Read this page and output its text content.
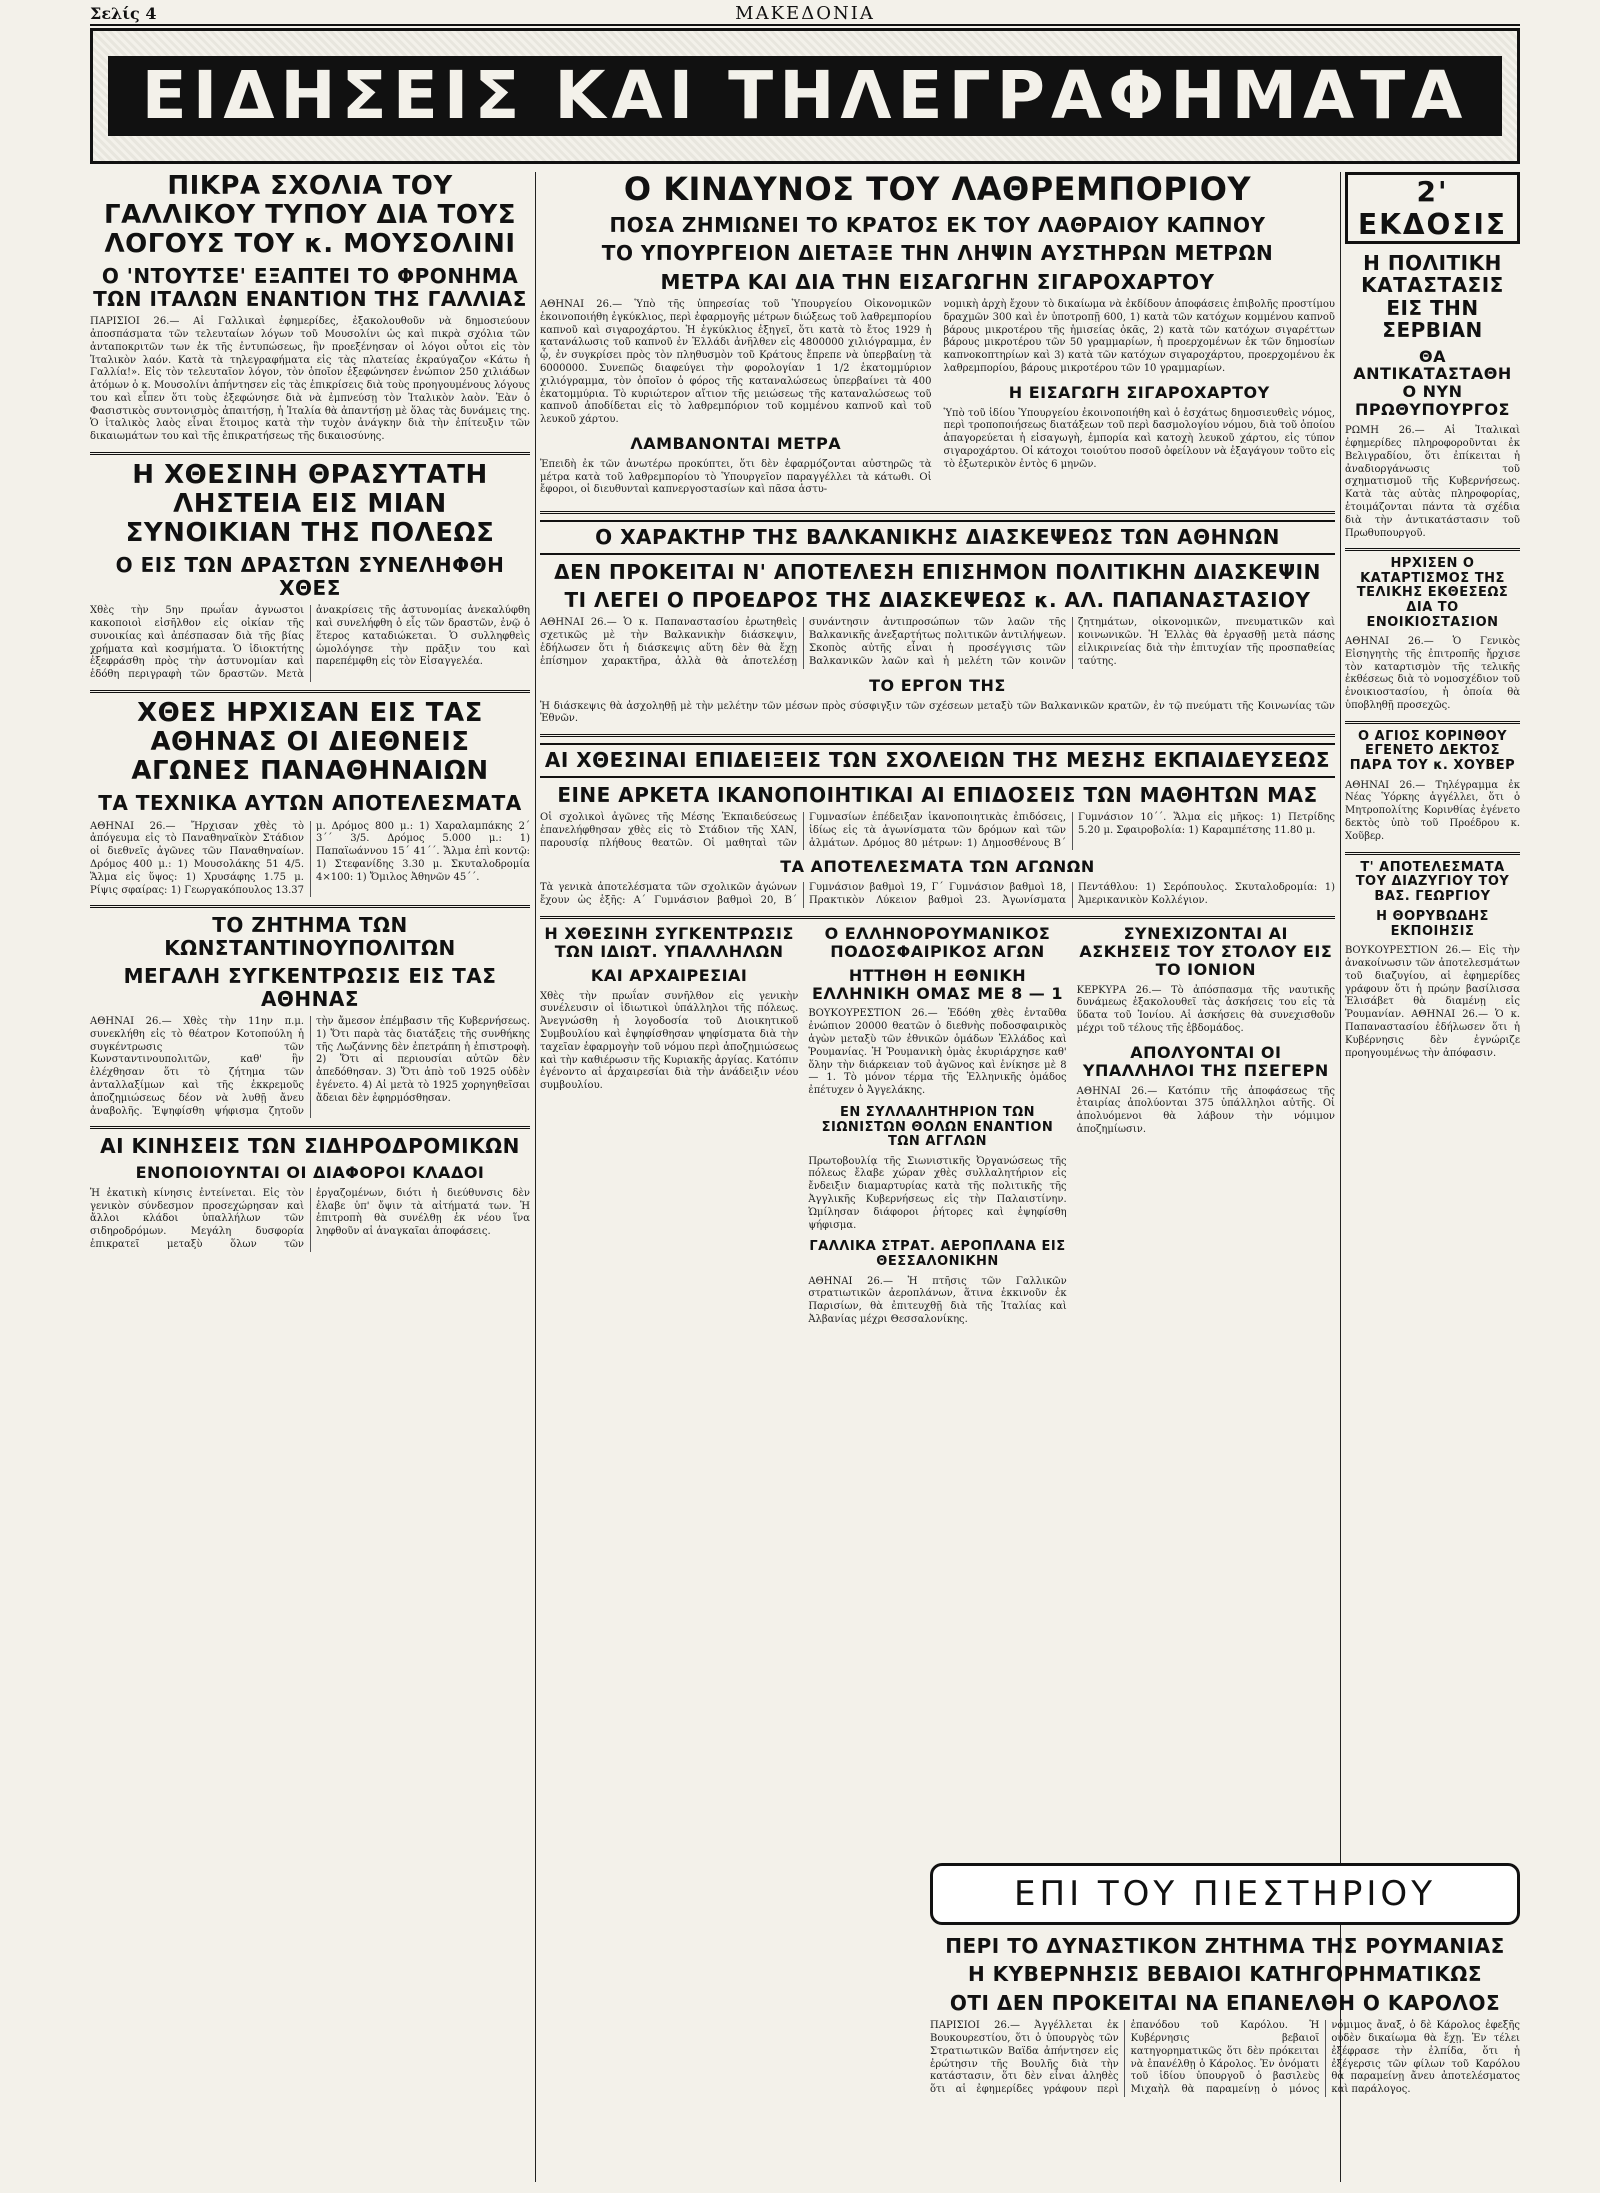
Σελίς 4	ΜΑΚΕΔΟΝΙΑ
ΕΙΔΗΣΕΙΣ ΚΑΙ ΤΗΛΕΓΡΑΦΗΜΑΤΑ
ΠΙΚΡΑ ΣΧΟΛΙΑ ΤΟΥ ΓΑΛΛΙΚΟΥ ΤΥΠΟΥ ΔΙΑ ΤΟΥΣ ΛΟΓΟΥΣ ΤΟΥ κ. ΜΟΥΣΟΛΙΝΙ
Ο 'ΝΤΟΥΤΣΕ' ΕΞΑΠΤΕΙ ΤΟ ΦΡΟΝΗΜΑ ΤΩΝ ΙΤΑΛΩΝ ΕΝΑΝΤΙΟΝ ΤΗΣ ΓΑΛΛΙΑΣ

ΠΑΡΙΣΙΟΙ 26.— Αἱ Γαλλικαὶ ἐφημερίδες, ἐξακολουθοῦν νὰ δημοσιεύουν ἀποσπάσματα τῶν τελευταίων λόγων τοῦ Μουσολίνι ὡς καὶ πικρὰ σχόλια τῶν ἀνταποκριτῶν των ἐκ τῆς ἐντυπώσεως, ἣν προεξένησαν οἱ λόγοι οὗτοι εἰς τὸν Ἰταλικὸν λαόν. Κατὰ τὰ τηλεγραφήματα εἰς τὰς πλατείας ἐκραύγαζον «Κάτω ἡ Γαλλία!». Εἰς τὸν τελευταῖον λόγον, τὸν ὁποῖον ἐξεφώνησεν ἐνώπιον 250 χιλιάδων ἀτόμων ὁ κ. Μουσολίνι ἀπήντησεν εἰς τὰς ἐπικρίσεις διὰ τοὺς προηγουμένους λόγους του καὶ εἶπεν ὅτι τοὺς ἐξεφώνησε διὰ νὰ ἐμπνεύσῃ τὸν Ἰταλικὸν λαὸν. Ἐὰν ὁ Φασιστικὸς συντονισμὸς ἀπαιτήσῃ, ἡ Ἰταλία θὰ ἀπαντήσῃ μὲ ὅλας τὰς δυνάμεις της. Ὁ ἰταλικὸς λαὸς εἶναι ἕτοιμος κατὰ τὴν τυχὸν ἀνάγκην διὰ τὴν ἐπίτευξιν τῶν δικαιωμάτων του καὶ τῆς ἐπικρατήσεως τῆς δικαιοσύνης.

Η ΧΘΕΣΙΝΗ ΘΡΑΣΥΤΑΤΗ ΛΗΣΤΕΙΑ ΕΙΣ ΜΙΑΝ ΣΥΝΟΙΚΙΑΝ ΤΗΣ ΠΟΛΕΩΣ
Ο ΕΙΣ ΤΩΝ ΔΡΑΣΤΩΝ ΣΥΝΕΛΗΦΘΗ ΧΘΕΣ

Χθὲς τὴν 5ην πρωΐαν ἀγνωστοι κακοποιοὶ εἰσῆλθον εἰς οἰκίαν τῆς συνοικίας καὶ ἀπέσπασαν διὰ τῆς βίας χρήματα καὶ κοσμήματα. Ὁ ἰδιοκτήτης ἐξεφράσθη πρὸς τὴν ἀστυνομίαν καὶ ἐδόθη περιγραφὴ τῶν δραστῶν. Μετὰ ἀνακρίσεις τῆς ἀστυνομίας ἀνεκαλύφθη καὶ συνελήφθη ὁ εἷς τῶν δραστῶν, ἐνῷ ὁ ἕτερος καταδιώκεται. Ὁ συλληφθεὶς ὡμολόγησε τὴν πρᾶξιν του καὶ παρεπέμφθη εἰς τὸν Εἰσαγγελέα.

ΧΘΕΣ ΗΡΧΙΣΑΝ ΕΙΣ ΤΑΣ ΑΘΗΝΑΣ ΟΙ ΔΙΕΘΝΕΙΣ ΑΓΩΝΕΣ ΠΑΝΑΘΗΝΑΙΩΝ
ΤΑ ΤΕΧΝΙΚΑ ΑΥΤΩΝ ΑΠΟΤΕΛΕΣΜΑΤΑ

ΑΘΗΝΑΙ 26.— Ἤρχισαν χθὲς τὸ ἀπόγευμα εἰς τὸ Παναθηναϊκὸν Στάδιον οἱ διεθνεῖς ἀγῶνες τῶν Παναθηναίων. Δρόμος 400 μ.: 1) Μουσολάκης 51 4/5. Ἅλμα εἰς ὕψος: 1) Χρυσάφης 1.75 μ. Ρίψις σφαίρας: 1) Γεωργακόπουλος 13.37 μ. Δρόμος 800 μ.: 1) Χαραλαμπάκης 2΄ 3΄΄ 3/5. Δρόμος 5.000 μ.: 1) Παπαϊωάννου 15΄ 41΄΄. Ἅλμα ἐπὶ κοντῷ: 1) Στεφανίδης 3.30 μ. Σκυταλοδρομία 4×100: 1) Ὄμιλος Ἀθηνῶν 45΄΄.

ΤΟ ΖΗΤΗΜΑ ΤΩΝ ΚΩΝΣΤΑΝΤΙΝΟΥΠΟΛΙΤΩΝ
ΜΕΓΑΛΗ ΣΥΓΚΕΝΤΡΩΣΙΣ ΕΙΣ ΤΑΣ ΑΘΗΝΑΣ

ΑΘΗΝΑΙ 26.— Χθὲς τὴν 11ην π.μ. συνεκλήθη εἰς τὸ θέατρον Κοτοπούλη ἡ συγκέντρωσις τῶν Κωνσταντινουπολιτῶν, καθ' ἣν ἐλέχθησαν ὅτι τὸ ζήτημα τῶν ἀνταλλαξίμων καὶ τῆς ἐκκρεμοῦς ἀποζημιώσεως δέον νὰ λυθῇ ἄνευ ἀναβολῆς. Ἐψηφίσθη ψήφισμα ζητοῦν τὴν ἄμεσον ἐπέμβασιν τῆς Κυβερνήσεως. 1) Ὅτι παρὰ τὰς διατάξεις τῆς συνθήκης τῆς Λωζάννης δὲν ἐπετράπη ἡ ἐπιστροφὴ. 2) Ὅτι αἱ περιουσίαι αὐτῶν δὲν ἀπεδόθησαν. 3) Ὅτι ἀπὸ τοῦ 1925 οὐδὲν ἐγένετο. 4) Αἱ μετὰ τὸ 1925 χορηγηθεῖσαι ἄδειαι δὲν ἐφηρμόσθησαν.

ΑΙ ΚΙΝΗΣΕΙΣ ΤΩΝ ΣΙΔΗΡΟΔΡΟΜΙΚΩΝ
ΕΝΟΠΟΙΟΥΝΤΑΙ ΟΙ ΔΙΑΦΟΡΟΙ ΚΛΑΔΟΙ

Ἡ ἐκατικὴ κίνησις ἐντείνεται. Εἰς τὸν γενικὸν σύνδεσμον προσεχώρησαν καὶ ἄλλοι κλάδοι ὑπαλλήλων τῶν σιδηροδρόμων. Μεγάλη δυσφορία ἐπικρατεῖ μεταξὺ ὅλων τῶν ἐργαζομένων, διότι ἡ διεύθυνσις δὲν ἐλαβε ὑπ' ὄψιν τὰ αἰτήματά των. Ἡ ἐπιτροπὴ θὰ συνέλθῃ ἐκ νέου ἵνα ληφθοῦν αἱ ἀναγκαῖαι ἀποφάσεις.

Ο ΚΙΝΔΥΝΟΣ ΤΟΥ ΛΑΘΡΕΜΠΟΡΙΟΥ
ΠΟΣΑ ΖΗΜΙΩΝΕΙ ΤΟ ΚΡΑΤΟΣ ΕΚ ΤΟΥ ΛΑΘΡΑΙΟΥ ΚΑΠΝΟΥ
ΤΟ ΥΠΟΥΡΓΕΙΟΝ ΔΙΕΤΑΞΕ ΤΗΝ ΛΗΨΙΝ ΑΥΣΤΗΡΩΝ ΜΕΤΡΩΝ
ΜΕΤΡΑ ΚΑΙ ΔΙΑ ΤΗΝ ΕΙΣΑΓΩΓΗΝ ΣΙΓΑΡΟΧΑΡΤΟΥ

ΑΘΗΝΑΙ 26.— Ὑπὸ τῆς ὑπηρεσίας τοῦ Ὑπουργείου Οἰκονομικῶν ἐκοινοποιήθη ἐγκύκλιος, περὶ ἐφαρμογῆς μέτρων διώξεως τοῦ λαθρεμπορίου καπνοῦ καὶ σιγαροχάρτου. Ἡ ἐγκύκλιος ἐξηγεῖ, ὅτι κατὰ τὸ ἔτος 1929 ἡ κατανάλωσις τοῦ καπνοῦ ἐν Ἑλλάδι ἀνῆλθεν εἰς 4800000 χιλιόγραμμα, ἐν ᾧ, ἐν συγκρίσει πρὸς τὸν πληθυσμὸν τοῦ Κράτους ἔπρεπε νὰ ὑπερβαίνῃ τὰ 6000000. Συνεπῶς διαφεύγει τὴν φορολογίαν 1 1/2 ἑκατομμύριον χιλιόγραμμα, τὸν ὁποῖον ὁ φόρος τῆς καταναλώσεως ὑπερβαίνει τὰ 400 ἑκατομμύρια. Τὸ κυριώτερον αἴτιον τῆς μειώσεως τῆς καταναλώσεως τοῦ καπνοῦ ἀποδίδεται εἰς τὸ λαθρεμπόριον τοῦ κομμένου καπνοῦ καὶ τοῦ λευκοῦ χάρτου.

ΛΑΜΒΑΝΟΝΤΑΙ ΜΕΤΡΑ

Ἐπειδὴ ἐκ τῶν ἀνωτέρω προκύπτει, ὅτι δὲν ἐφαρμόζονται αὐστηρῶς τὰ μέτρα κατὰ τοῦ λαθρεμπορίου τὸ Ὑπουργεῖον παραγγέλλει τὰ κάτωθι. Οἱ ἔφοροι, οἱ διευθυνταὶ καπνεργοστασίων καὶ πᾶσα ἀστυ-

νομικὴ ἀρχὴ ἔχουν τὸ δικαίωμα νὰ ἐκδίδουν ἀποφάσεις ἐπιβολῆς προστίμου δραχμῶν 300 καὶ ἐν ὑποτροπῇ 600, 1) κατὰ τῶν κατόχων κομμένου καπνοῦ βάρους μικροτέρου τῆς ἡμισείας ὀκᾶς, 2) κατὰ τῶν κατόχων σιγαρέττων βάρους μικροτέρου τῶν 50 γραμμαρίων, ἡ προερχομένων ἐκ τῶν δημοσίων καπνοκοπτηρίων καὶ 3) κατὰ τῶν κατόχων σιγαροχάρτου, προερχομένου ἐκ λαθρεμπορίου, βάρους μικροτέρου τῶν 10 γραμμαρίων.

Η ΕΙΣΑΓΩΓΗ ΣΙΓΑΡΟΧΑΡΤΟΥ

Ὑπὸ τοῦ ἰδίου Ὑπουργείου ἐκοινοποιήθη καὶ ὁ ἐσχάτως δημοσιευθεὶς νόμος, περὶ τροποποιήσεως διατάξεων τοῦ περὶ δασμολογίου νόμου, διὰ τοῦ ὁποίου ἀπαγορεύεται ἡ εἰσαγωγὴ, ἐμπορία καὶ κατοχὴ λευκοῦ χάρτου, εἰς τύπον σιγαροχάρτου. Οἱ κάτοχοι τοιούτου ποσοῦ ὀφείλουν νὰ ἐξαγάγουν τοῦτο εἰς τὸ ἐξωτερικὸν ἐντὸς 6 μηνῶν.

Ο ΧΑΡΑΚΤΗΡ ΤΗΣ ΒΑΛΚΑΝΙΚΗΣ ΔΙΑΣΚΕΨΕΩΣ ΤΩΝ ΑΘΗΝΩΝ
ΔΕΝ ΠΡΟΚΕΙΤΑΙ Ν' ΑΠΟΤΕΛΕΣΗ ΕΠΙΣΗΜΟΝ ΠΟΛΙΤΙΚΗΝ ΔΙΑΣΚΕΨΙΝ
ΤΙ ΛΕΓΕΙ Ο ΠΡΟΕΔΡΟΣ ΤΗΣ ΔΙΑΣΚΕΨΕΩΣ κ. ΑΛ. ΠΑΠΑΝΑΣΤΑΣΙΟΥ

ΑΘΗΝΑΙ 26.— Ὁ κ. Παπαναστασίου ἐρωτηθεὶς σχετικῶς μὲ τὴν Βαλκανικὴν διάσκεψιν, ἐδήλωσεν ὅτι ἡ διάσκεψις αὕτη δὲν θὰ ἔχῃ ἐπίσημον χαρακτῆρα, ἀλλὰ θὰ ἀποτελέσῃ συνάντησιν ἀντιπροσώπων τῶν λαῶν τῆς Βαλκανικῆς ἀνεξαρτήτως πολιτικῶν ἀντιλήψεων. Σκοπὸς αὐτῆς εἶναι ἡ προσέγγισις τῶν Βαλκανικῶν λαῶν καὶ ἡ μελέτη τῶν κοινῶν ζητημάτων, οἰκονομικῶν, πνευματικῶν καὶ κοινωνικῶν. Ἡ Ἑλλὰς θὰ ἐργασθῇ μετὰ πάσης εἰλικρινείας διὰ τὴν ἐπιτυχίαν τῆς προσπαθείας ταύτης.

ΤΟ ΕΡΓΟΝ ΤΗΣ

Ἡ διάσκεψις θὰ ἀσχοληθῇ μὲ τὴν μελέτην τῶν μέσων πρὸς σύσφιγξιν τῶν σχέσεων μεταξὺ τῶν Βαλκανικῶν κρατῶν, ἐν τῷ πνεύματι τῆς Κοινωνίας τῶν Ἐθνῶν.

ΑΙ ΧΘΕΣΙΝΑΙ ΕΠΙΔΕΙΞΕΙΣ ΤΩΝ ΣΧΟΛΕΙΩΝ ΤΗΣ ΜΕΣΗΣ ΕΚΠΑΙΔΕΥΣΕΩΣ
ΕΙΝΕ ΑΡΚΕΤΑ ΙΚΑΝΟΠΟΙΗΤΙΚΑΙ ΑΙ ΕΠΙΔΟΣΕΙΣ ΤΩΝ ΜΑΘΗΤΩΝ ΜΑΣ

Οἱ σχολικοὶ ἀγῶνες τῆς Μέσης Ἐκπαιδεύσεως ἐπανελήφθησαν χθὲς εἰς τὸ Στάδιον τῆς ΧΑΝ, παρουσίᾳ πλήθους θεατῶν. Οἱ μαθηταὶ τῶν Γυμνασίων ἐπέδειξαν ἱκανοποιητικὰς ἐπιδόσεις, ἰδίως εἰς τὰ ἀγωνίσματα τῶν δρόμων καὶ τῶν ἁλμάτων. Δρόμος 80 μέτρων: 1) Δημοσθένους Β΄ Γυμνάσιον 10΄΄. Ἅλμα εἰς μῆκος: 1) Πετρίδης 5.20 μ. Σφαιροβολία: 1) Καραμπέτσης 11.80 μ.

ΤΑ ΑΠΟΤΕΛΕΣΜΑΤΑ ΤΩΝ ΑΓΩΝΩΝ

Τὰ γενικὰ ἀποτελέσματα τῶν σχολικῶν ἀγώνων ἔχουν ὡς ἑξῆς: Α΄ Γυμνάσιον βαθμοὶ 20, Β΄ Γυμνάσιον βαθμοὶ 19, Γ΄ Γυμνάσιον βαθμοὶ 18, Πρακτικὸν Λύκειον βαθμοὶ 23. Ἀγωνίσματα Πεντάθλου: 1) Σερόπουλος. Σκυταλοδρομία: 1) Ἀμερικανικὸν Κολλέγιον.

Η ΧΘΕΣΙΝΗ ΣΥΓΚΕΝΤΡΩΣΙΣ ΤΩΝ ΙΔΙΩΤ. ΥΠΑΛΛΗΛΩΝ
ΚΑΙ ΑΡΧΑΙΡΕΣΙΑΙ

Χθὲς τὴν πρωΐαν συνῆλθον εἰς γενικὴν συνέλευσιν οἱ ἰδιωτικοὶ ὑπάλληλοι τῆς πόλεως. Ἀνεγνώσθη ἡ λογοδοσία τοῦ Διοικητικοῦ Συμβουλίου καὶ ἐψηφίσθησαν ψηφίσματα διὰ τὴν ταχεῖαν ἐφαρμογὴν τοῦ νόμου περὶ ἀποζημιώσεως καὶ τὴν καθιέρωσιν τῆς Κυριακῆς ἀργίας. Κατόπιν ἐγένοντο αἱ ἀρχαιρεσίαι διὰ τὴν ἀνάδειξιν νέου συμβουλίου.

Ο ΕΛΛΗΝΟΡΟΥΜΑΝΙΚΟΣ ΠΟΔΟΣΦΑΙΡΙΚΟΣ ΑΓΩΝ
ΗΤΤΗΘΗ Η ΕΘΝΙΚΗ ΕΛΛΗΝΙΚΗ ΟΜΑΣ ΜΕ 8 — 1

ΒΟΥΚΟΥΡΕΣΤΙΟΝ 26.— Ἐδόθη χθὲς ἐνταῦθα ἐνώπιον 20000 θεατῶν ὁ διεθνὴς ποδοσφαιρικὸς ἀγὼν μεταξὺ τῶν ἐθνικῶν ὁμάδων Ἑλλάδος καὶ Ῥουμανίας. Ἡ Ῥουμανικὴ ὁμὰς ἐκυριάρχησε καθ' ὅλην τὴν διάρκειαν τοῦ ἀγῶνος καὶ ἐνίκησε μὲ 8 — 1. Τὸ μόνον τέρμα τῆς Ἑλληνικῆς ὁμάδος ἐπέτυχεν ὁ Ἀγγελάκης.

ΕΝ ΣΥΛΛΑΛΗΤΗΡΙΟΝ ΤΩΝ ΣΙΩΝΙΣΤΩΝ ΘΟΛΩΝ ΕΝΑΝΤΙΟΝ ΤΩΝ ΑΓΓΛΩΝ

Πρωτοβουλίᾳ τῆς Σιωνιστικῆς Ὀργανώσεως τῆς πόλεως ἔλαβε χώραν χθὲς συλλαλητήριον εἰς ἔνδειξιν διαμαρτυρίας κατὰ τῆς πολιτικῆς τῆς Ἀγγλικῆς Κυβερνήσεως εἰς τὴν Παλαιστίνην. Ὡμίλησαν διάφοροι ῥήτορες καὶ ἐψηφίσθη ψήφισμα.

ΓΑΛΛΙΚΑ ΣΤΡΑΤ. ΑΕΡΟΠΛΑΝΑ ΕΙΣ ΘΕΣΣΑΛΟΝΙΚΗΝ

ΑΘΗΝΑΙ 26.— Ἡ πτῆσις τῶν Γαλλικῶν στρατιωτικῶν ἀεροπλάνων, ἅτινα ἐκκινοῦν ἐκ Παρισίων, θὰ ἐπιτευχθῇ διὰ τῆς Ἰταλίας καὶ Ἀλβανίας μέχρι Θεσσαλονίκης.

ΣΥΝΕΧΙΖΟΝΤΑΙ ΑΙ ΑΣΚΗΣΕΙΣ ΤΟΥ ΣΤΟΛΟΥ ΕΙΣ ΤΟ ΙΟΝΙΟΝ

ΚΕΡΚΥΡΑ 26.— Τὸ ἀπόσπασμα τῆς ναυτικῆς δυνάμεως ἐξακολουθεῖ τὰς ἀσκήσεις του εἰς τὰ ὕδατα τοῦ Ἰονίου. Αἱ ἀσκήσεις θὰ συνεχισθοῦν μέχρι τοῦ τέλους τῆς ἑβδομάδος.

ΑΠΟΛΥΟΝΤΑΙ ΟΙ ΥΠΑΛΛΗΛΟΙ ΤΗΣ ΠΣΕΓΕΡΝ

ΑΘΗΝΑΙ 26.— Κατόπιν τῆς ἀποφάσεως τῆς ἑταιρίας ἀπολύονται 375 ὑπάλληλοι αὐτῆς. Οἱ ἀπολυόμενοι θὰ λάβουν τὴν νόμιμον ἀποζημίωσιν.

2' ΕΚΔΟΣΙΣ
Η ΠΟΛΙΤΙΚΗ ΚΑΤΑΣΤΑΣΙΣ ΕΙΣ ΤΗΝ ΣΕΡΒΙΑΝ
ΘΑ ΑΝΤΙΚΑΤΑΣΤΑΘΗ Ο ΝΥΝ ΠΡΩΘΥΠΟΥΡΓΟΣ

ΡΩΜΗ 26.— Αἱ Ἰταλικαὶ ἐφημερίδες πληροφοροῦνται ἐκ Βελιγραδίου, ὅτι ἐπίκειται ἡ ἀναδιοργάνωσις τοῦ σχηματισμοῦ τῆς Κυβερνήσεως. Κατὰ τὰς αὐτὰς πληροφορίας, ἑτοιμάζονται πάντα τὰ σχέδια διὰ τὴν ἀντικατάστασιν τοῦ Πρωθυπουργοῦ.

ΗΡΧΙΣΕΝ Ο ΚΑΤΑΡΤΙΣΜΟΣ ΤΗΣ ΤΕΛΙΚΗΣ ΕΚΘΕΣΕΩΣ ΔΙΑ ΤΟ ΕΝΟΙΚΙΟΣΤΑΣΙΟΝ

ΑΘΗΝΑΙ 26.— Ὁ Γενικὸς Εἰσηγητὴς τῆς ἐπιτροπῆς ἤρχισε τὸν καταρτισμὸν τῆς τελικῆς ἐκθέσεως διὰ τὸ νομοσχέδιον τοῦ ἐνοικιοστασίου, ἡ ὁποία θὰ ὑποβληθῇ προσεχῶς.

Ο ΑΓΙΟΣ ΚΟΡΙΝΘΟΥ ΕΓΕΝΕΤΟ ΔΕΚΤΟΣ ΠΑΡΑ ΤΟΥ κ. ΧΟΥΒΕΡ

ΑΘΗΝΑΙ 26.— Τηλέγραμμα ἐκ Νέας Ὑόρκης ἀγγέλλει, ὅτι ὁ Μητροπολίτης Κορινθίας ἐγένετο δεκτὸς ὑπὸ τοῦ Προέδρου κ. Χοῦβερ.

Τ' ΑΠΟΤΕΛΕΣΜΑΤΑ ΤΟΥ ΔΙΑΖΥΓΙΟΥ ΤΟΥ ΒΑΣ. ΓΕΩΡΓΙΟΥ
Η ΘΟΡΥΒΩΔΗΣ ΕΚΠΟΙΗΣΙΣ

ΒΟΥΚΟΥΡΕΣΤΙΟΝ 26.— Εἰς τὴν ἀνακοίνωσιν τῶν ἀποτελεσμάτων τοῦ διαζυγίου, αἱ ἐφημερίδες γράφουν ὅτι ἡ πρώην βασίλισσα Ἐλισάβετ θὰ διαμένῃ εἰς Ῥουμανίαν. ΑΘΗΝΑΙ 26.— Ὁ κ. Παπαναστασίου ἐδήλωσεν ὅτι ἡ Κυβέρνησις δὲν ἐγνώριζε προηγουμένως τὴν ἀπόφασιν.

ΕΠΙ ΤΟΥ ΠΙΕΣΤΗΡΙΟΥ
ΠΕΡΙ ΤΟ ΔΥΝΑΣΤΙΚΟΝ ΖΗΤΗΜΑ ΤΗΣ ΡΟΥΜΑΝΙΑΣ
Η ΚΥΒΕΡΝΗΣΙΣ ΒΕΒΑΙΟΙ ΚΑΤΗΓΟΡΗΜΑΤΙΚΩΣ
ΟΤΙ ΔΕΝ ΠΡΟΚΕΙΤΑΙ ΝΑ ΕΠΑΝΕΛΘΗ Ο ΚΑΡΟΛΟΣ

ΠΑΡΙΣΙΟΙ 26.— Ἀγγέλλεται ἐκ Βουκουρεστίου, ὅτι ὁ ὑπουργὸς τῶν Στρατιωτικῶν Βαϊδα ἀπήντησεν εἰς ἐρώτησιν τῆς Βουλῆς διὰ τὴν κατάστασιν, ὅτι δὲν εἶναι ἀληθὲς ὅτι αἱ ἐφημερίδες γράφουν περὶ ἐπανόδου τοῦ Καρόλου. Ἡ Κυβέρνησις βεβαιοῖ κατηγορηματικῶς ὅτι δὲν πρόκειται νὰ ἐπανέλθῃ ὁ Κάρολος. Ἐν ὀνόματι τοῦ ἰδίου ὑπουργοῦ ὁ βασιλεὺς Μιχαὴλ θὰ παραμείνῃ ὁ μόνος νόμιμος ἄναξ, ὁ δὲ Κάρολος ἐφεξῆς οὐδὲν δικαίωμα θὰ ἔχῃ. Ἐν τέλει ἐξέφρασε τὴν ἐλπίδα, ὅτι ἡ ἐξέγερσις τῶν φίλων τοῦ Καρόλου θὰ παραμείνῃ ἄνευ ἀποτελέσματος καὶ παράλογος.
